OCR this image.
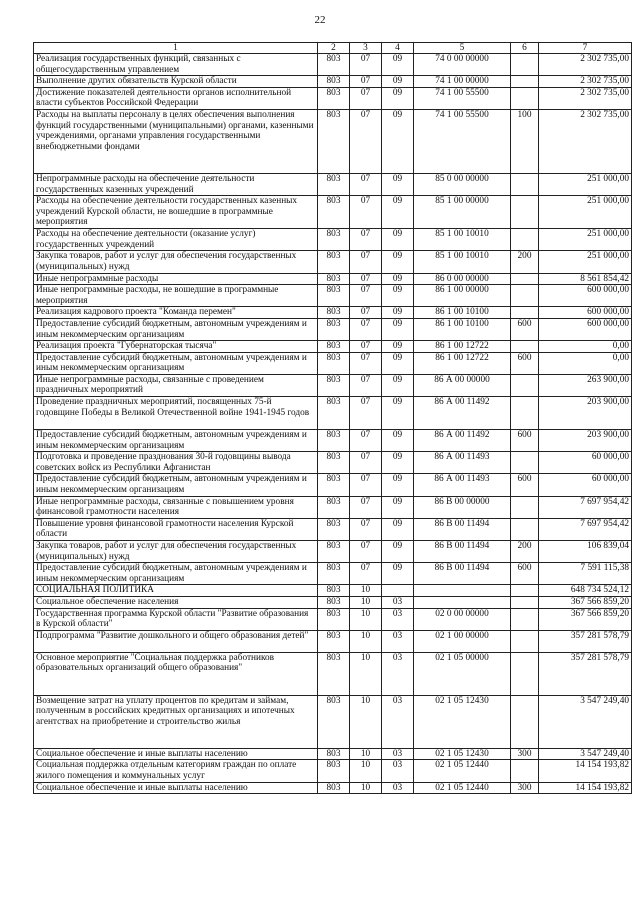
22
1	2	3	4	5	6	7
Реализация государственных функций, связанных с общегосударственным управлением	803	07	09	74 0 00 00000		2 302 735,00
Выполнение других обязательств Курской области	803	07	09	74 1 00 00000		2 302 735,00
Достижение показателей деятельности органов исполнительной власти субъектов Российской Федерации	803	07	09	74 1 00 55500		2 302 735,00
Расходы на выплаты персоналу в целях обеспечения выполнения функций государственными (муниципальными) органами, казенными учреждениями, органами управления государственными внебюджетными фондами	803	07	09	74 1 00 55500	100	2 302 735,00
Непрограммные расходы на обеспечение деятельности государственных казенных учреждений	803	07	09	85 0 00 00000		251 000,00
Расходы на обеспечение деятельности государственных казенных учреждений Курской области, не вошедшие в программные мероприятия	803	07	09	85 1 00 00000		251 000,00
Расходы на обеспечение деятельности (оказание услуг) государственных учреждений	803	07	09	85 1 00 10010		251 000,00
Закупка товаров, работ и услуг для обеспечения государственных (муниципальных) нужд	803	07	09	85 1 00 10010	200	251 000,00
Иные непрограммные расходы	803	07	09	86 0 00 00000		8 561 854,42
Иные непрограммные расходы, не вошедшие в программные мероприятия	803	07	09	86 1 00 00000		600 000,00
Реализация кадрового проекта "Команда перемен"	803	07	09	86 1 00 10100		600 000,00
Предоставление субсидий бюджетным, автономным учреждениям и иным некоммерческим организациям	803	07	09	86 1 00 10100	600	600 000,00
Реализация проекта "Губернаторская тысяча"	803	07	09	86 1 00 12722		0,00
Предоставление субсидий бюджетным, автономным учреждениям и иным некоммерческим организациям	803	07	09	86 1 00 12722	600	0,00
Иные непрограммные расходы, связанные с проведением праздничных мероприятий	803	07	09	86 А 00 00000		263 900,00
Проведение праздничных мероприятий, посвященных 75-й годовщине Победы в Великой Отечественной войне 1941-1945 годов	803	07	09	86 А 00 11492		203 900,00
Предоставление субсидий бюджетным, автономным учреждениям и иным некоммерческим организациям	803	07	09	86 А 00 11492	600	203 900,00
Подготовка и проведение празднования 30-й годовщины вывода советских войск из Республики Афганистан	803	07	09	86 А 00 11493		60 000,00
Предоставление субсидий бюджетным, автономным учреждениям и иным некоммерческим организациям	803	07	09	86 А 00 11493	600	60 000,00
Иные непрограммные расходы, связанные с повышением уровня финансовой грамотности населения	803	07	09	86 В 00 00000		7 697 954,42
Повышение уровня финансовой грамотности населения Курской области	803	07	09	86 В 00 11494		7 697 954,42
Закупка товаров, работ и услуг для обеспечения государственных (муниципальных) нужд	803	07	09	86 В 00 11494	200	106 839,04
Предоставление субсидий бюджетным, автономным учреждениям и иным некоммерческим организациям	803	07	09	86 В 00 11494	600	7 591 115,38
СОЦИАЛЬНАЯ ПОЛИТИКА	803	10				648 734 524,12
Социальное обеспечение населения	803	10	03			367 566 859,20
Государственная программа Курской области "Развитие образования в Курской области"	803	10	03	02 0 00 00000		367 566 859,20
Подпрограмма "Развитие дошкольного и общего образования детей"	803	10	03	02 1 00 00000		357 281 578,79
Основное мероприятие "Социальная поддержка работников образовательных организаций общего образования"	803	10	03	02 1 05 00000		357 281 578,79
Возмещение затрат на уплату процентов по кредитам и займам, полученным в российских кредитных организациях и ипотечных агентствах на приобретение и строительство жилья	803	10	03	02 1 05 12430		3 547 249,40
Социальное обеспечение и иные выплаты населению	803	10	03	02 1 05 12430	300	3 547 249,40
Социальная поддержка отдельным категориям граждан по оплате жилого помещения и коммунальных услуг	803	10	03	02 1 05 12440		14 154 193,82
Социальное обеспечение и иные выплаты населению	803	10	03	02 1 05 12440	300	14 154 193,82
